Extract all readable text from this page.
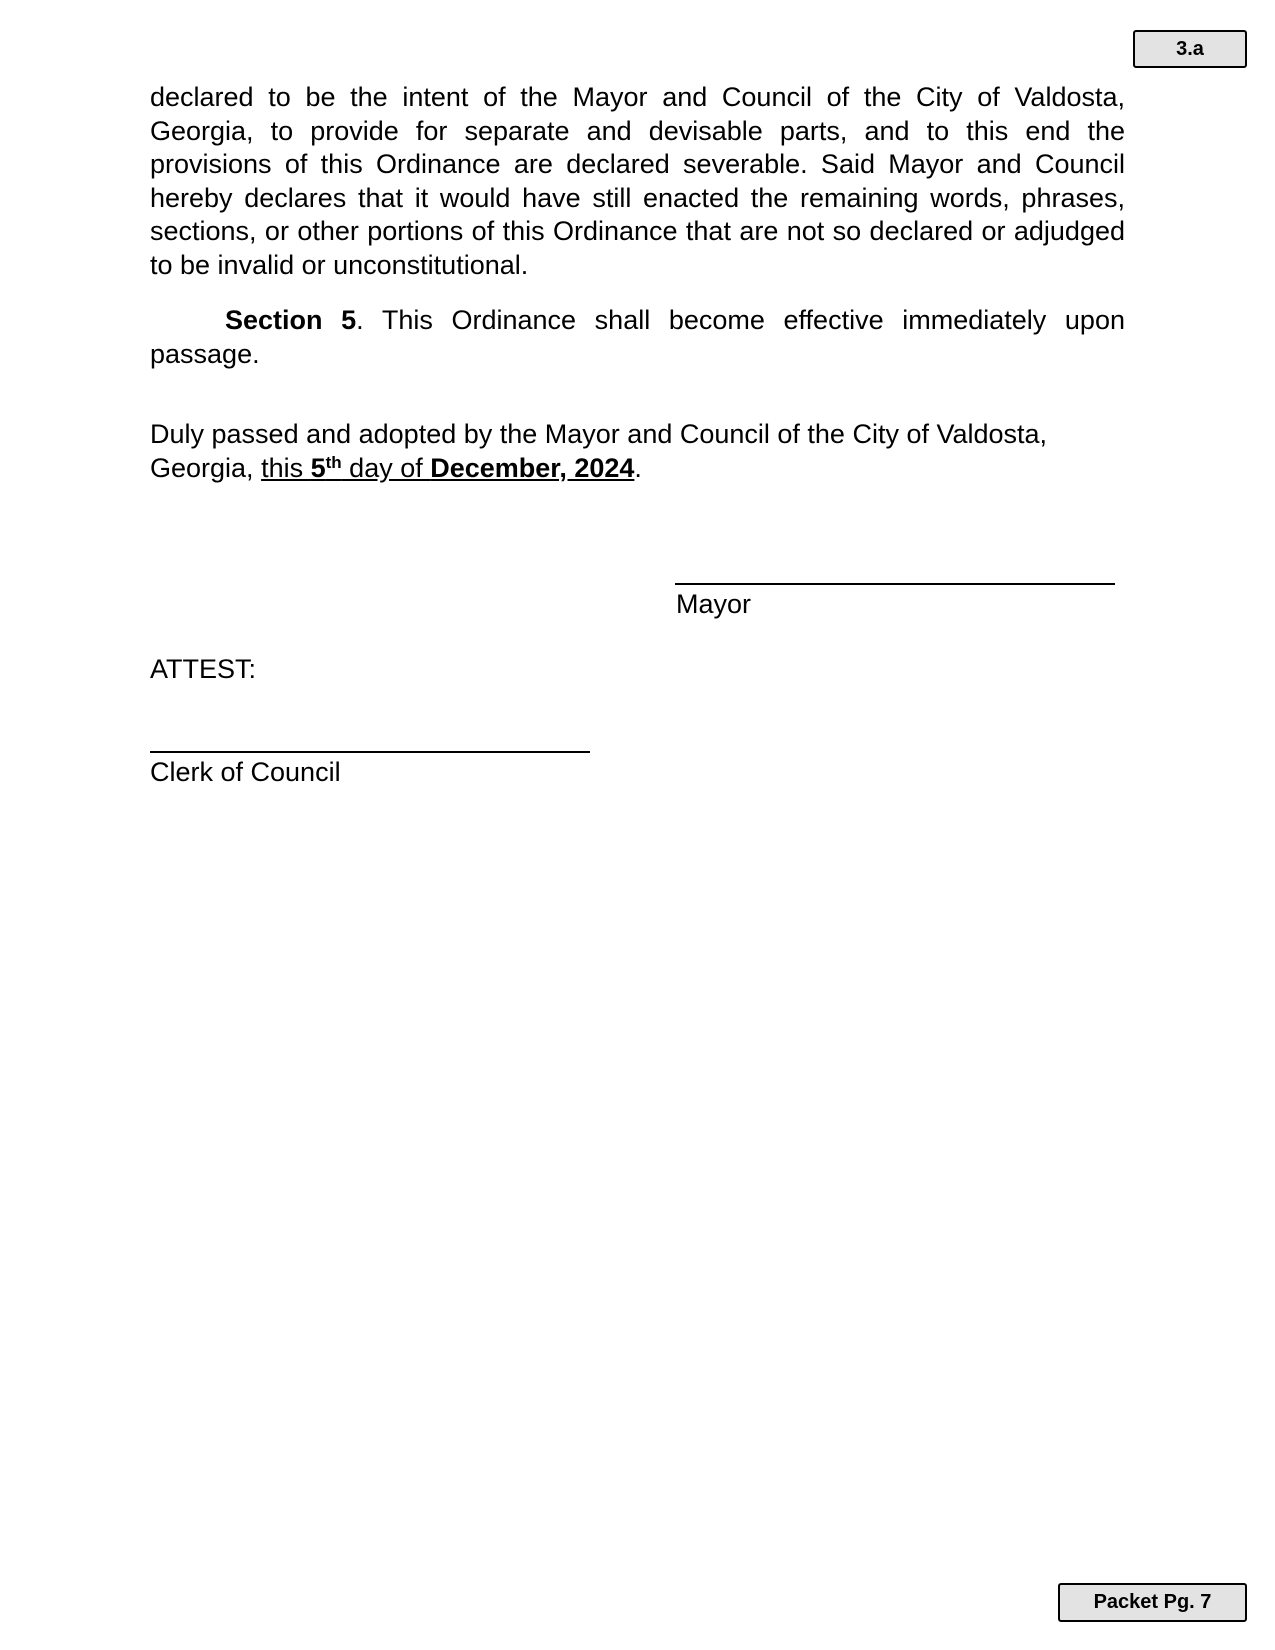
3.a

declared to be the intent of the Mayor and Council of the City of Valdosta, Georgia, to provide for separate and devisable parts, and to this end the provisions of this Ordinance are declared severable. Said Mayor and Council hereby declares that it would have still enacted the remaining words, phrases, sections, or other portions of this Ordinance that are not so declared or adjudged to be invalid or unconstitutional.

Section 5. This Ordinance shall become effective immediately upon passage.

Duly passed and adopted by the Mayor and Council of the City of Valdosta, Georgia, this 5th day of December, 2024.

Mayor

ATTEST:

Clerk of Council

Packet Pg. 7
